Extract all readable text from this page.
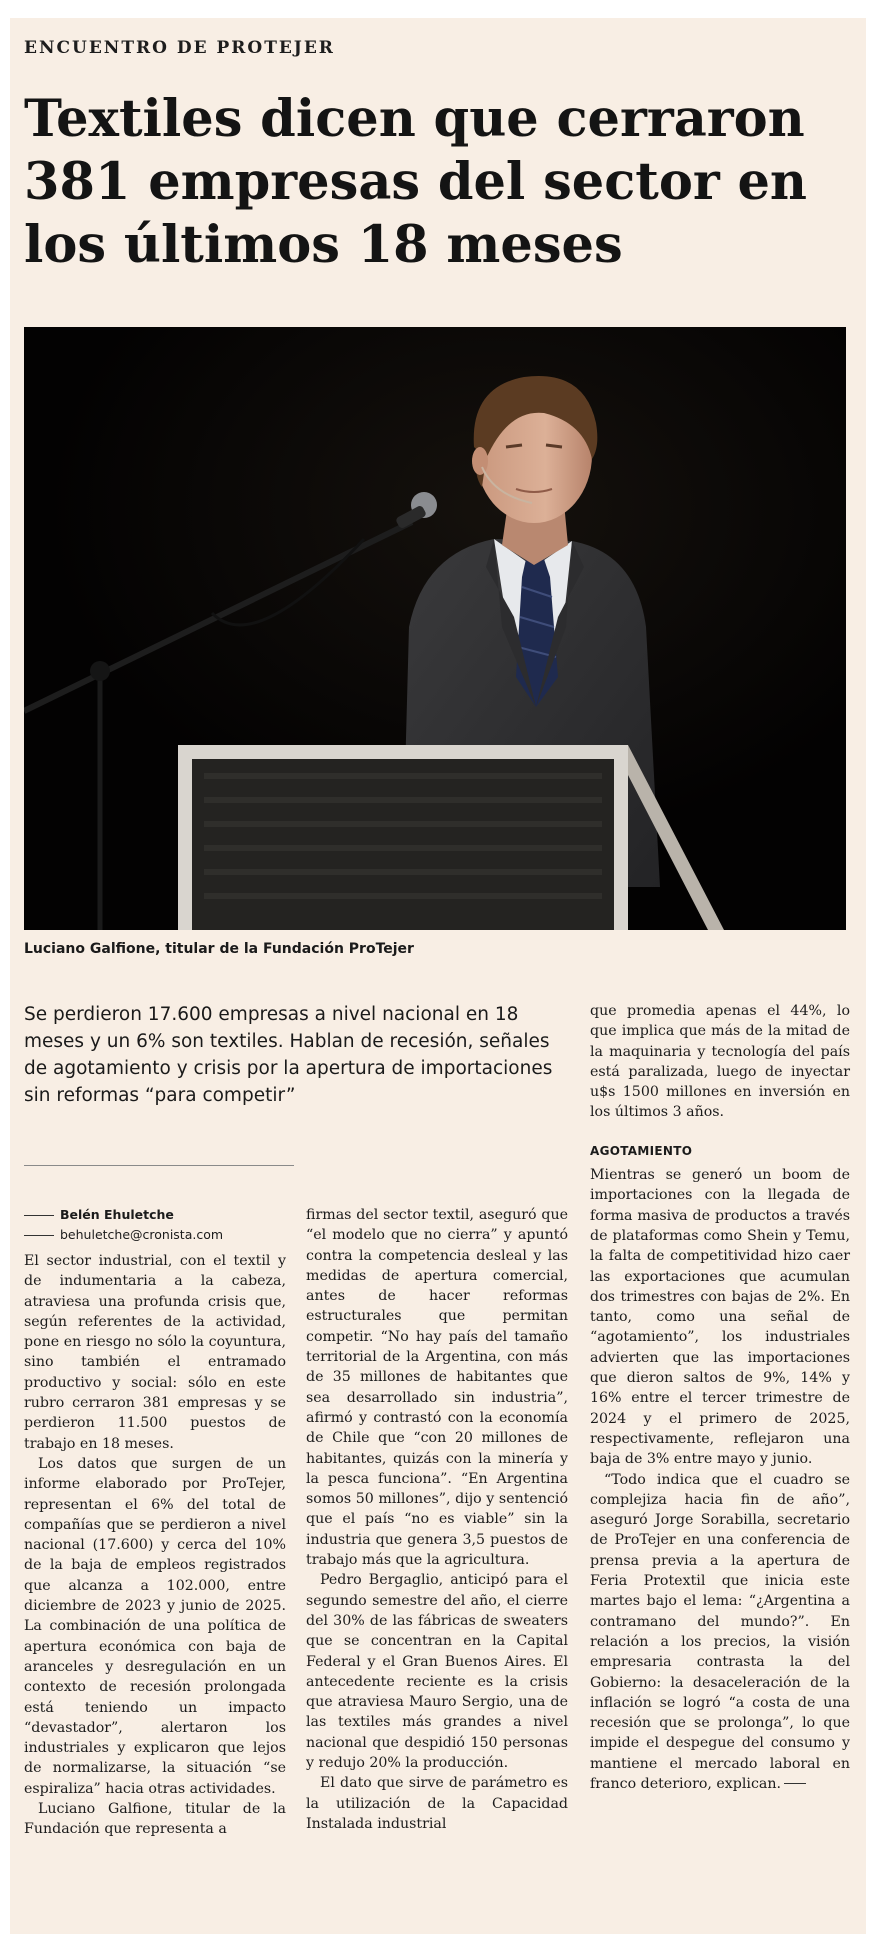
ENCUENTRO DE PROTEJER
Textiles dicen que cerraron 381 empresas del sector en los últimos 18 meses
Luciano Galfione, titular de la Fundación ProTejer

Se perdieron 17.600 empresas a nivel nacional en 18 meses y un 6% son textiles. Hablan de recesión, señales de agotamiento y crisis por la apertura de importaciones sin reformas “para competir”

Belén Ehuletche
behuletche@cronista.com

El sector industrial, con el textil y de indumentaria a la cabeza, atraviesa una profunda crisis que, según referentes de la actividad, pone en riesgo no sólo la coyuntura, sino también el entramado productivo y social: sólo en este rubro cerraron 381 empresas y se perdieron 11.500 puestos de trabajo en 18 meses.

Los datos que surgen de un informe elaborado por ProTejer, representan el 6% del total de compañías que se perdieron a nivel nacional (17.600) y cerca del 10% de la baja de empleos registrados que alcanza a 102.000, entre diciembre de 2023 y junio de 2025. La combinación de una política de apertura económica con baja de aranceles y desregulación en un contexto de recesión prolongada está teniendo un impacto “devastador”, alertaron los industriales y explicaron que lejos de normalizarse, la situación “se espiraliza” hacia otras actividades.

Luciano Galfione, titular de la Fundación que representa a

firmas del sector textil, aseguró que “el modelo que no cierra” y apuntó contra la competencia desleal y las medidas de apertura comercial, antes de hacer reformas estructurales que permitan competir. “No hay país del tamaño territorial de la Argentina, con más de 35 millones de habitantes que sea desarrollado sin industria”, afirmó y contrastó con la economía de Chile que “con 20 millones de habitantes, quizás con la minería y la pesca funciona”. “En Argentina somos 50 millones”, dijo y sentenció que el país “no es viable” sin la industria que genera 3,5 puestos de trabajo más que la agricultura.

Pedro Bergaglio, anticipó para el segundo semestre del año, el cierre del 30% de las fábricas de sweaters que se concentran en la Capital Federal y el Gran Buenos Aires. El antecedente reciente es la crisis que atraviesa Mauro Sergio, una de las textiles más grandes a nivel nacional que despidió 150 personas y redujo 20% la producción.

El dato que sirve de parámetro es la utilización de la Capacidad Instalada industrial

que promedia apenas el 44%, lo que implica que más de la mitad de la maquinaria y tecnología del país está paralizada, luego de inyectar u$s 1500 millones en inversión en los últimos 3 años.

AGOTAMIENTO

Mientras se generó un boom de importaciones con la llegada de forma masiva de productos a través de plataformas como Shein y Temu, la falta de competitividad hizo caer las exportaciones que acumulan dos trimestres con bajas de 2%. En tanto, como una señal de “agotamiento”, los industriales advierten que las importaciones que dieron saltos de 9%, 14% y 16% entre el tercer trimestre de 2024 y el primero de 2025, respectivamente, reflejaron una baja de 3% entre mayo y junio.

“Todo indica que el cuadro se complejiza hacia fin de año”, aseguró Jorge Sorabilla, secretario de ProTejer en una conferencia de prensa previa a la apertura de Feria Protextil que inicia este martes bajo el lema: “¿Argentina a contramano del mundo?”. En relación a los precios, la visión empresaria contrasta la del Gobierno: la desaceleración de la inflación se logró “a costa de una recesión que se prolonga”, lo que impide el despegue del consumo y mantiene el mercado laboral en franco deterioro, explican.
